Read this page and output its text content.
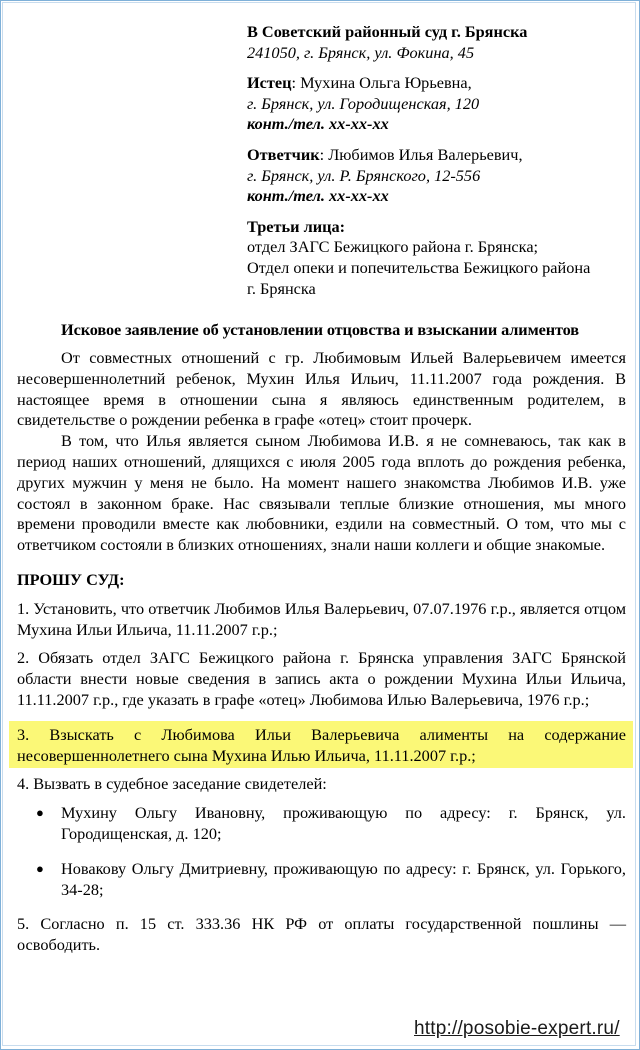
В Советский районный суд г. Брянска

241050, г. Брянск, ул. Фокина, 45

Истец: Мухина Ольга Юрьевна,

г. Брянск, ул. Городищенская, 120

конт./тел. хх-хх-хх

Ответчик: Любимов Илья Валерьевич,

г. Брянск, ул. Р. Брянского, 12-556

конт./тел. хх-хх-хх

Третьи лица:

отдел ЗАГС Бежицкого района г. Брянска;

Отдел опеки и попечительства Бежицкого района г. Брянска

Исковое заявление об установлении отцовства и взыскании алиментов

От совместных отношений с гр. Любимовым Ильей Валерьевичем имеется несовершеннолетний ребенок, Мухин Илья Ильич, 11.11.2007 года рождения. В настоящее время в отношении сына я являюсь единственным родителем, в свидетельстве о рождении ребенка в графе «отец» стоит прочерк.

В том, что Илья является сыном Любимова И.В. я не сомневаюсь, так как в период наших отношений, длящихся с июля 2005 года вплоть до рождения ребенка, других мужчин у меня не было. На момент нашего знакомства Любимов И.В. уже состоял в законном браке. Нас связывали теплые близкие отношения, мы много времени проводили вместе как любовники, ездили на совместный. О том, что мы с ответчиком состояли в близких отношениях, знали наши коллеги и общие знакомые.

ПРОШУ СУД:

1. Установить, что ответчик Любимов Илья Валерьевич, 07.07.1976 г.р., является отцом Мухина Ильи Ильича, 11.11.2007 г.р.;

2. Обязать отдел ЗАГС Бежицкого района г. Брянска управления ЗАГС Брянской области внести новые сведения в запись акта о рождении Мухина Ильи Ильича, 11.11.2007 г.р., где указать в графе «отец» Любимова Илью Валерьевича, 1976 г.р.;

3. Взыскать с Любимова Ильи Валерьевича алименты на содержание несовершеннолетнего сына Мухина Илью Ильича, 11.11.2007 г.р.;

4. Вызвать в судебное заседание свидетелей:

● Мухину Ольгу Ивановну, проживающую по адресу: г. Брянск, ул. Городищенская, д. 120;
● Новакову Ольгу Дмитриевну, проживающую по адресу: г. Брянск, ул. Горького, 34-28;

5. Согласно п. 15 ст. 333.36 НК РФ от оплаты государственной пошлины — освободить.

http://posobie-expert.ru/
